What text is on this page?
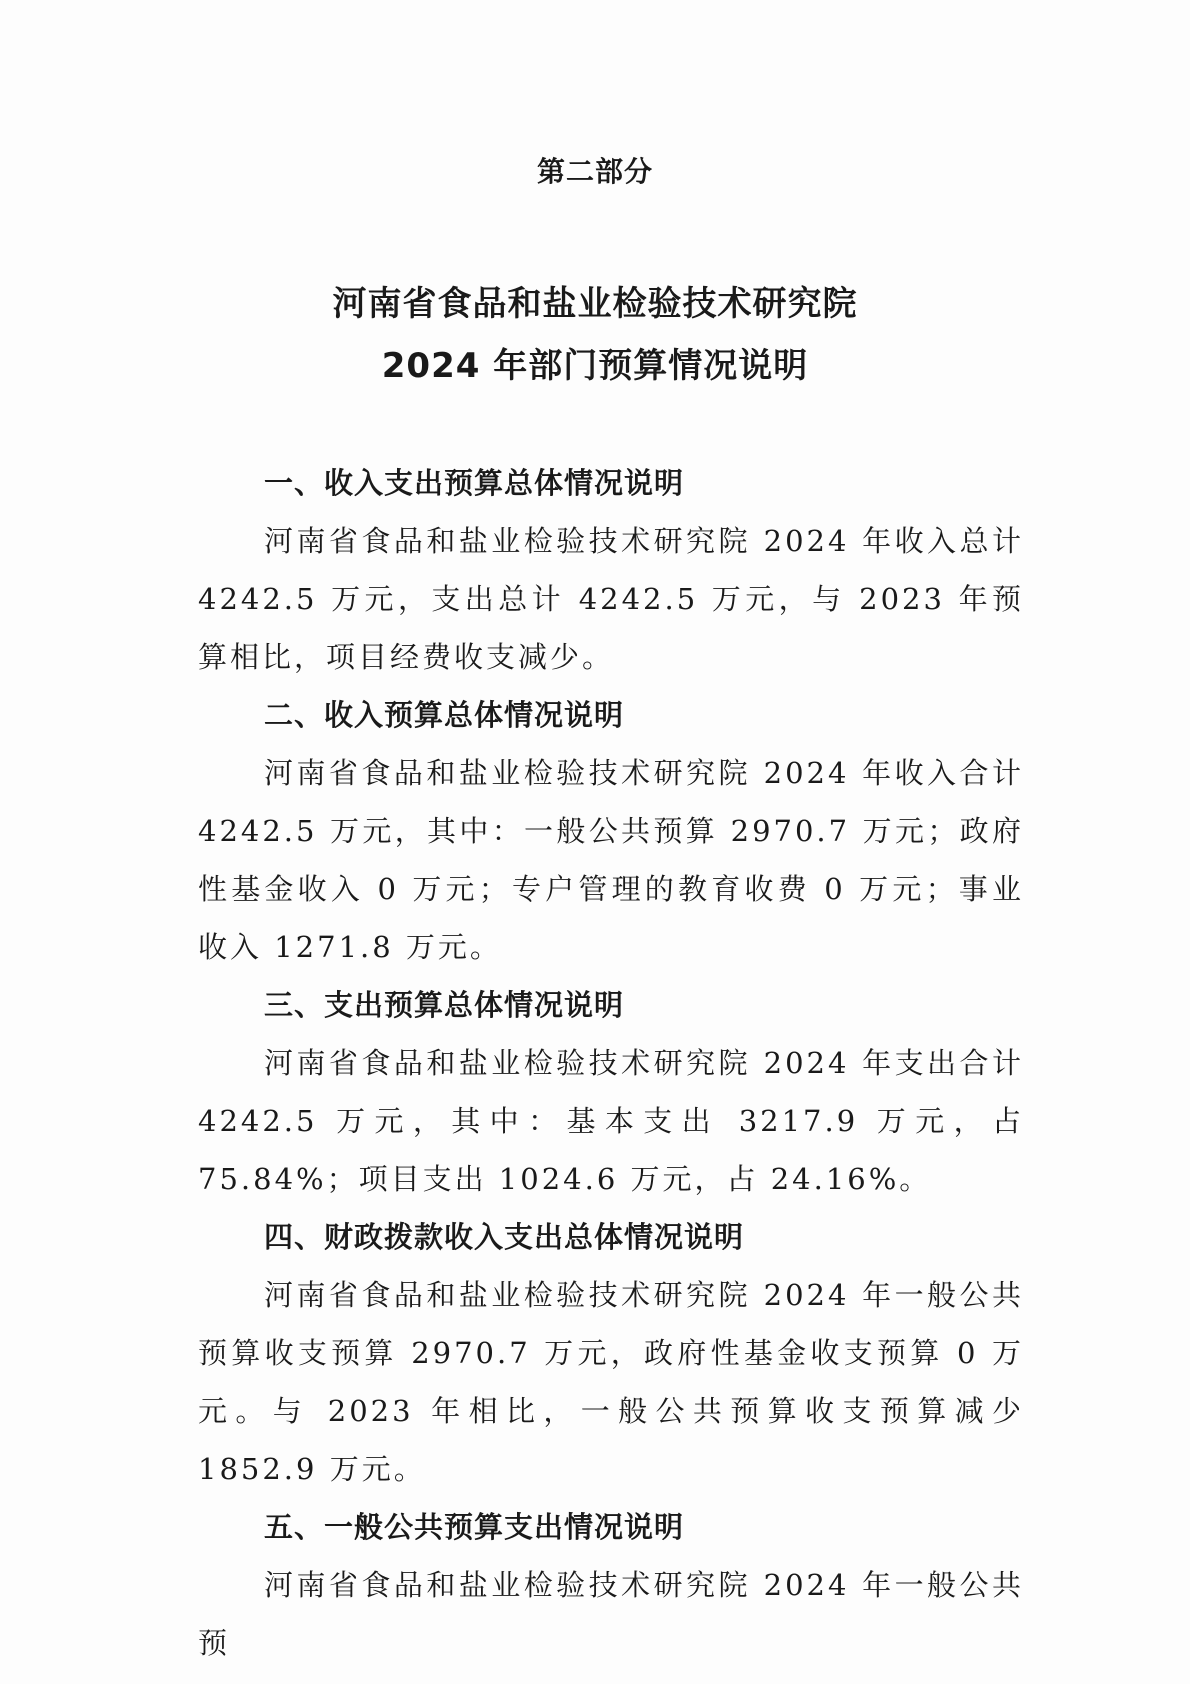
第二部分
河南省食品和盐业检验技术研究院
2024 年部门预算情况说明

一、收入支出预算总体情况说明

河南省食品和盐业检验技术研究院 2024 年收入总计 4242.5 万元，支出总计 4242.5 万元，与 2023 年预算相比，项目经费收支减少。

二、收入预算总体情况说明

河南省食品和盐业检验技术研究院 2024 年收入合计 4242.5 万元，其中：一般公共预算 2970.7 万元；政府性基金收入 0 万元；专户管理的教育收费 0 万元；事业收入 1271.8 万元。

三、支出预算总体情况说明

河南省食品和盐业检验技术研究院 2024 年支出合计 4242.5 万元，其中：基本支出 3217.9 万元，占 75.84%；项目支出 1024.6 万元，占 24.16%。

四、财政拨款收入支出总体情况说明

河南省食品和盐业检验技术研究院 2024 年一般公共预算收支预算 2970.7 万元，政府性基金收支预算 0 万元。与 2023 年相比，一般公共预算收支预算减少 1852.9 万元。

五、一般公共预算支出情况说明

河南省食品和盐业检验技术研究院 2024 年一般公共预
